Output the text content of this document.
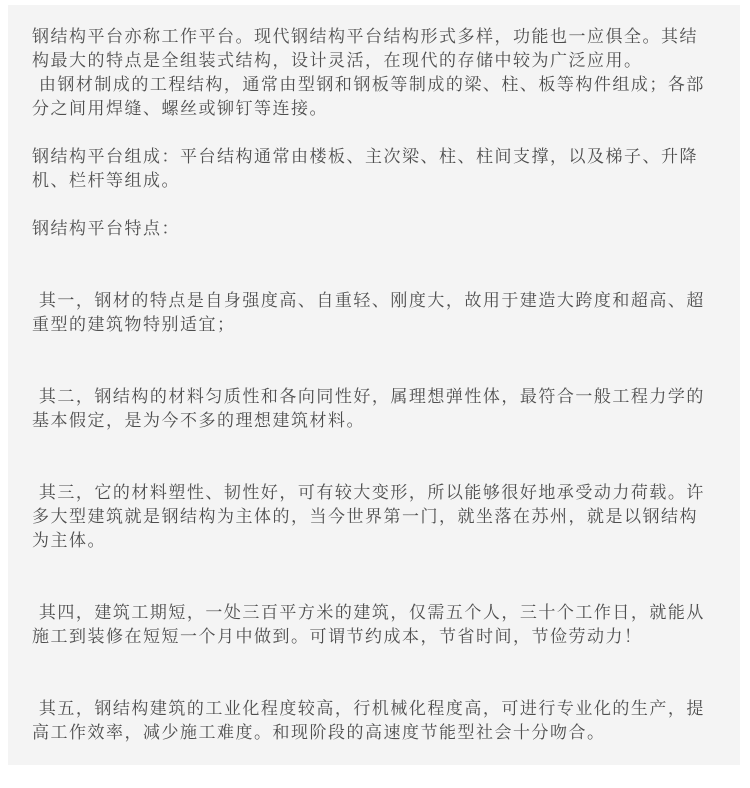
钢结构平台亦称工作平台。现代钢结构平台结构形式多样，功能也一应俱全。其结构最大的特点是全组装式结构，设计灵活，在现代的存储中较为广泛应用。

由钢材制成的工程结构，通常由型钢和钢板等制成的梁、柱、板等构件组成；各部分之间用焊缝、螺丝或铆钉等连接。

钢结构平台组成：平台结构通常由楼板、主次梁、柱、柱间支撑，以及梯子、升降机、栏杆等组成。

钢结构平台特点：

其一，钢材的特点是自身强度高、自重轻、刚度大，故用于建造大跨度和超高、超重型的建筑物特别适宜；

其二，钢结构的材料匀质性和各向同性好，属理想弹性体，最符合一般工程力学的基本假定，是为今不多的理想建筑材料。

其三，它的材料塑性、韧性好，可有较大变形，所以能够很好地承受动力荷载。许多大型建筑就是钢结构为主体的，当今世界第一门，就坐落在苏州，就是以钢结构为主体。

其四，建筑工期短，一处三百平方米的建筑，仅需五个人，三十个工作日，就能从施工到装修在短短一个月中做到。可谓节约成本，节省时间，节俭劳动力！

其五，钢结构建筑的工业化程度较高，行机械化程度高，可进行专业化的生产，提高工作效率，减少施工难度。和现阶段的高速度节能型社会十分吻合。
